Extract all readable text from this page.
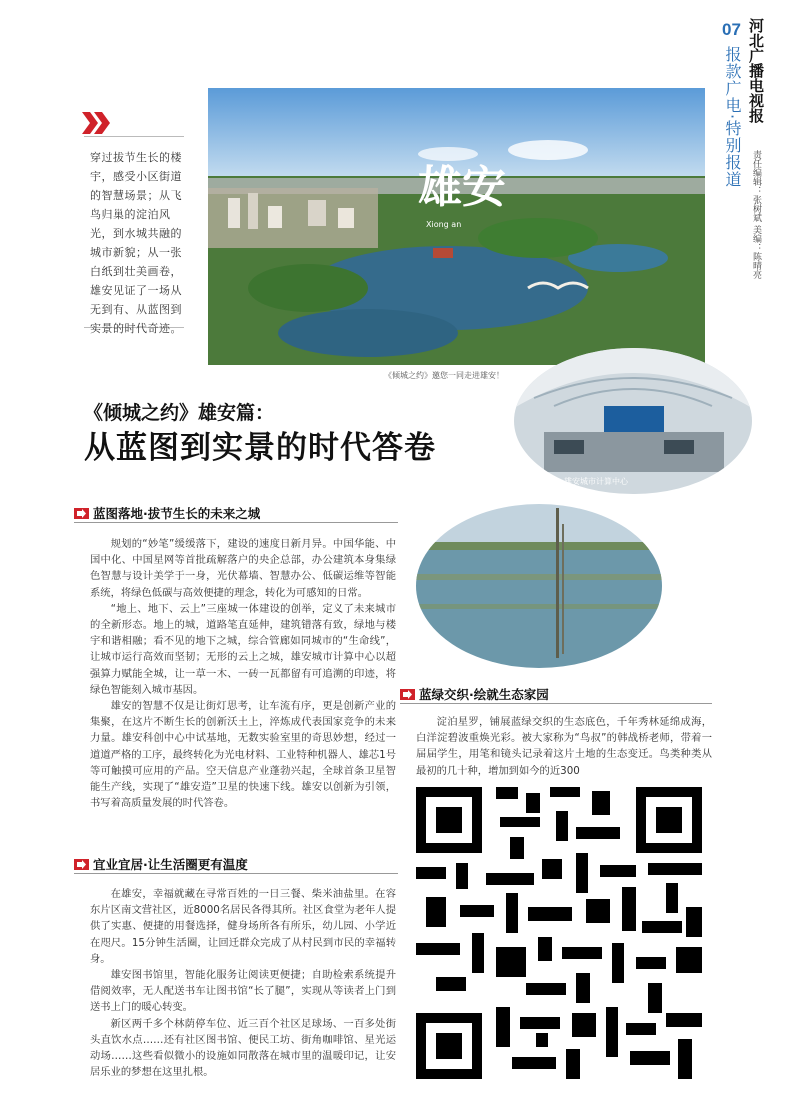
07 河北广播电视报
报款广电·特别报道
责任编辑：张树斌 美编：陈晴亮
穿过拔节生长的楼宇，感受小区街道的智慧场景；从飞鸟归巢的淀泊风光，到水城共融的城市新貌；从一张白纸到壮美画卷，雄安见证了一场从无到有、从蓝图到实景的时代奇迹。
雄安
Xiong an
《倾城之约》邀您一同走进雄安！
雄安城市计算中心
《倾城之约》雄安篇：
从蓝图到实景的时代答卷
蓝图落地·拔节生长的未来之城

规划的“妙笔”缓缓落下，建设的速度日新月异。中国华能、中国中化、中国星网等首批疏解落户的央企总部，办公建筑本身集绿色智慧与设计美学于一身，光伏幕墙、智慧办公、低碳运维等智能系统，将绿色低碳与高效便捷的理念，转化为可感知的日常。

“地上、地下、云上”三座城一体建设的创举，定义了未来城市的全新形态。地上的城，道路笔直延伸，建筑错落有致，绿地与楼宇和谐相融；看不见的地下之城，综合管廊如同城市的“生命线”，让城市运行高效而坚韧；无形的云上之城，雄安城市计算中心以超强算力赋能全城，让一草一木、一砖一瓦都留有可追溯的印迹，将绿色智能刻入城市基因。

雄安的智慧不仅是让街灯思考，让车流有序，更是创新产业的集聚，在这片不断生长的创新沃土上，淬炼成代表国家竞争的未来力量。雄安科创中心中试基地，无数实验室里的奇思妙想，经过一道道严格的工序，最终转化为光电材料、工业特种机器人、雄芯1号等可触摸可应用的产品。空天信息产业蓬勃兴起，全球首条卫星智能生产线，实现了“雄安造”卫星的快速下线。雄安以创新为引领，书写着高质量发展的时代答卷。

宜业宜居·让生活圈更有温度

在雄安，幸福就藏在寻常百姓的一日三餐、柴米油盐里。在容东片区南文营社区，近8000名居民各得其所。社区食堂为老年人提供了实惠、便捷的用餐选择，健身场所各有所乐，幼儿园、小学近在咫尺。15分钟生活圈，让回迁群众完成了从村民到市民的幸福转身。

雄安图书馆里，智能化服务让阅读更便捷；自助检索系统提升借阅效率，无人配送书车让图书馆“长了腿”，实现从等读者上门到送书上门的暖心转变。

新区两千多个林荫停车位、近三百个社区足球场、一百多处街头直饮水点……还有社区图书馆、便民工坊、街角咖啡馆、星光运动场……这些看似微小的设施如同散落在城市里的温暖印记，让安居乐业的梦想在这里扎根。

蓝绿交织·绘就生态家园

淀泊星罗，铺展蓝绿交织的生态底色，千年秀林延绵成海，白洋淀碧波重焕光彩。被大家称为“鸟叔”的韩战桥老师，带着一届届学生，用笔和镜头记录着这片土地的生态变迁。鸟类种类从最初的几十种，增加到如今的近300
